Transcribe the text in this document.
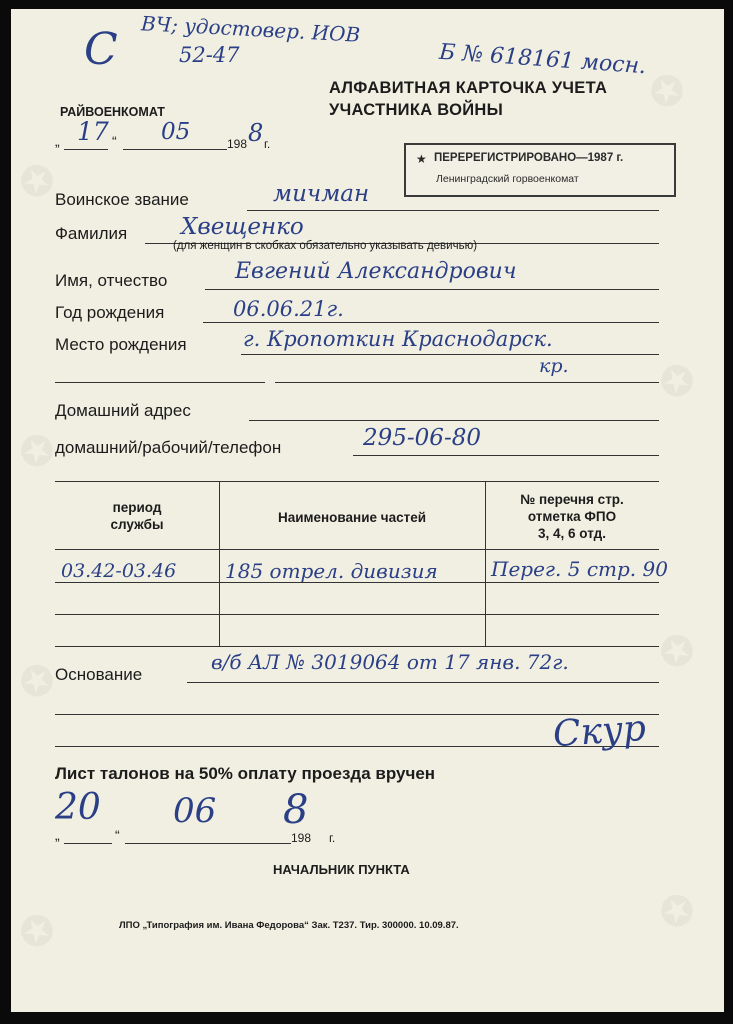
✪
✪
✪
✪
✪
✪
✪
✪
С ВЧ; удостовер. ИОВ
52-47	Б № 618161 мосн.
АЛФАВИТНАЯ КАРТОЧКА УЧЕТА
УЧАСТНИКА ВОЙНЫ
РАЙВОЕНКОМАТ
„ 17 “ 05	198 8 г.
★ ПЕРЕРЕГИСТРИРОВАНО—1987 г.
Ленинградский горвоенкомат
Воинское звание	мичман
Фамилия Хвещенко
(для женщин в скобках обязательно указывать девичью)
Имя, отчество	Евгений Александрович
Год рождения	06.06.21г.
Место рождения	г. Кропоткин Краснодарск.
кр.
Домашний адрес
домашний/рабочий/телефон	295-06-80
период
службы	Наименование частей
№ перечня стр.
отметка ФПО
3, 4, 6 отд.
03.42-03.46 185 отрел. дивизия	Перег. 5 стр. 90
Основание
в/б АЛ № 3019064 от 17 янв. 72г.
Скур
Лист талонов на 50% оплату проезда вручен
20 06 8
„	“	198 г.
НАЧАЛЬНИК ПУНКТА
ЛПО „Типография им. Ивана Федорова“ Зак. Т237. Тир. 300000. 10.09.87.
